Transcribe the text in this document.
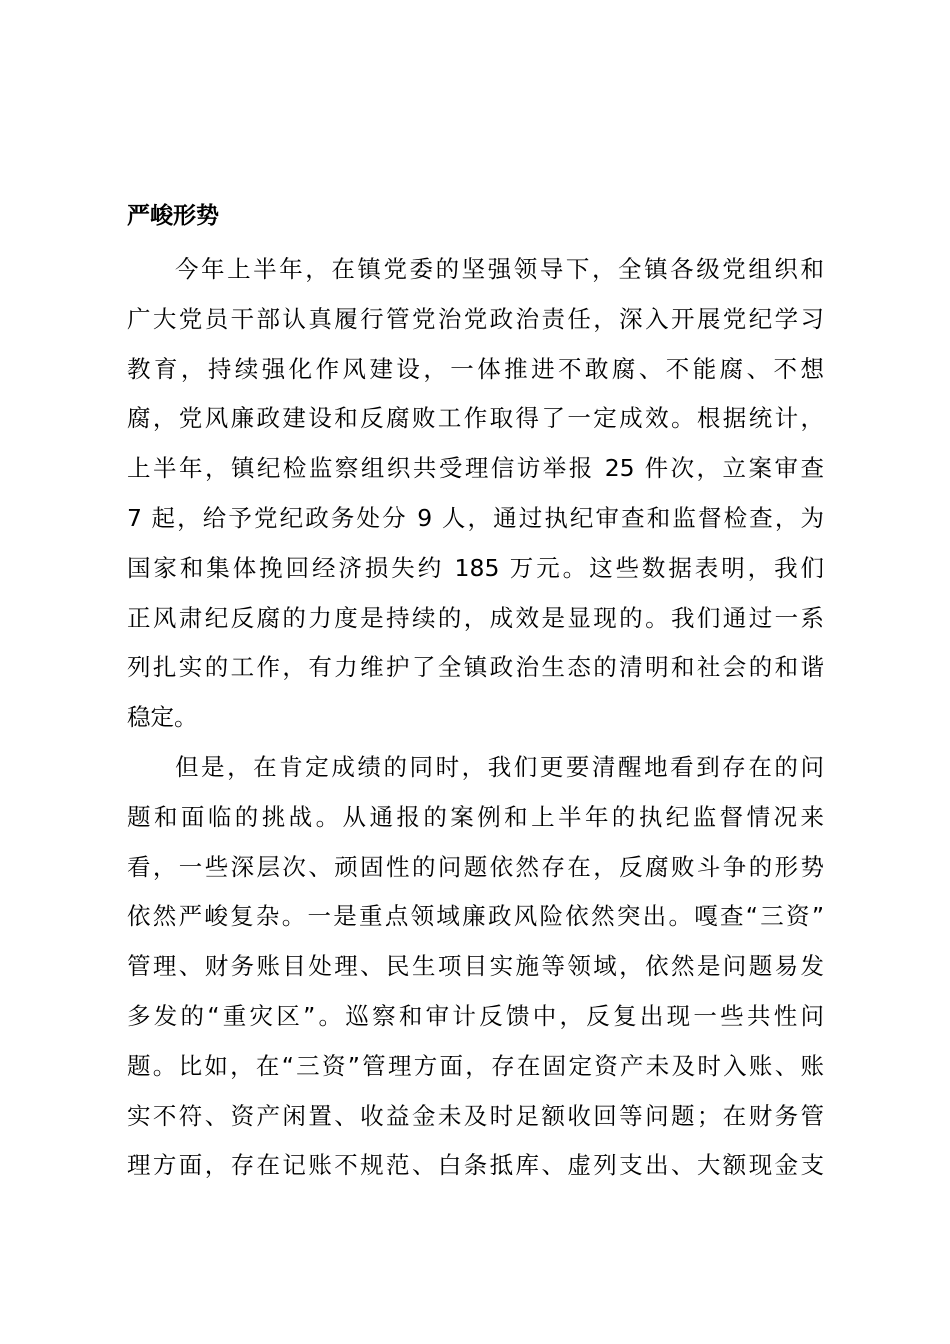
严峻形势
今年上半年，在镇党委的坚强领导下，全镇各级党组织和
广大党员干部认真履行管党治党政治责任，深入开展党纪学习
教育，持续强化作风建设，一体推进不敢腐、不能腐、不想
腐，党风廉政建设和反腐败工作取得了一定成效。根据统计，
上半年，镇纪检监察组织共受理信访举报 25 件次，立案审查
7 起，给予党纪政务处分 9 人，通过执纪审查和监督检查，为
国家和集体挽回经济损失约 185 万元。这些数据表明，我们
正风肃纪反腐的力度是持续的，成效是显现的。我们通过一系
列扎实的工作，有力维护了全镇政治生态的清明和社会的和谐
稳定。
但是，在肯定成绩的同时，我们更要清醒地看到存在的问
题和面临的挑战。从通报的案例和上半年的执纪监督情况来
看，一些深层次、顽固性的问题依然存在，反腐败斗争的形势
依然严峻复杂。一是重点领域廉政风险依然突出。嘎查“三资”
管理、财务账目处理、民生项目实施等领域，依然是问题易发
多发的“重灾区”。巡察和审计反馈中，反复出现一些共性问
题。比如，在“三资”管理方面，存在固定资产未及时入账、账
实不符、资产闲置、收益金未及时足额收回等问题；在财务管
理方面，存在记账不规范、白条抵库、虚列支出、大额现金支
